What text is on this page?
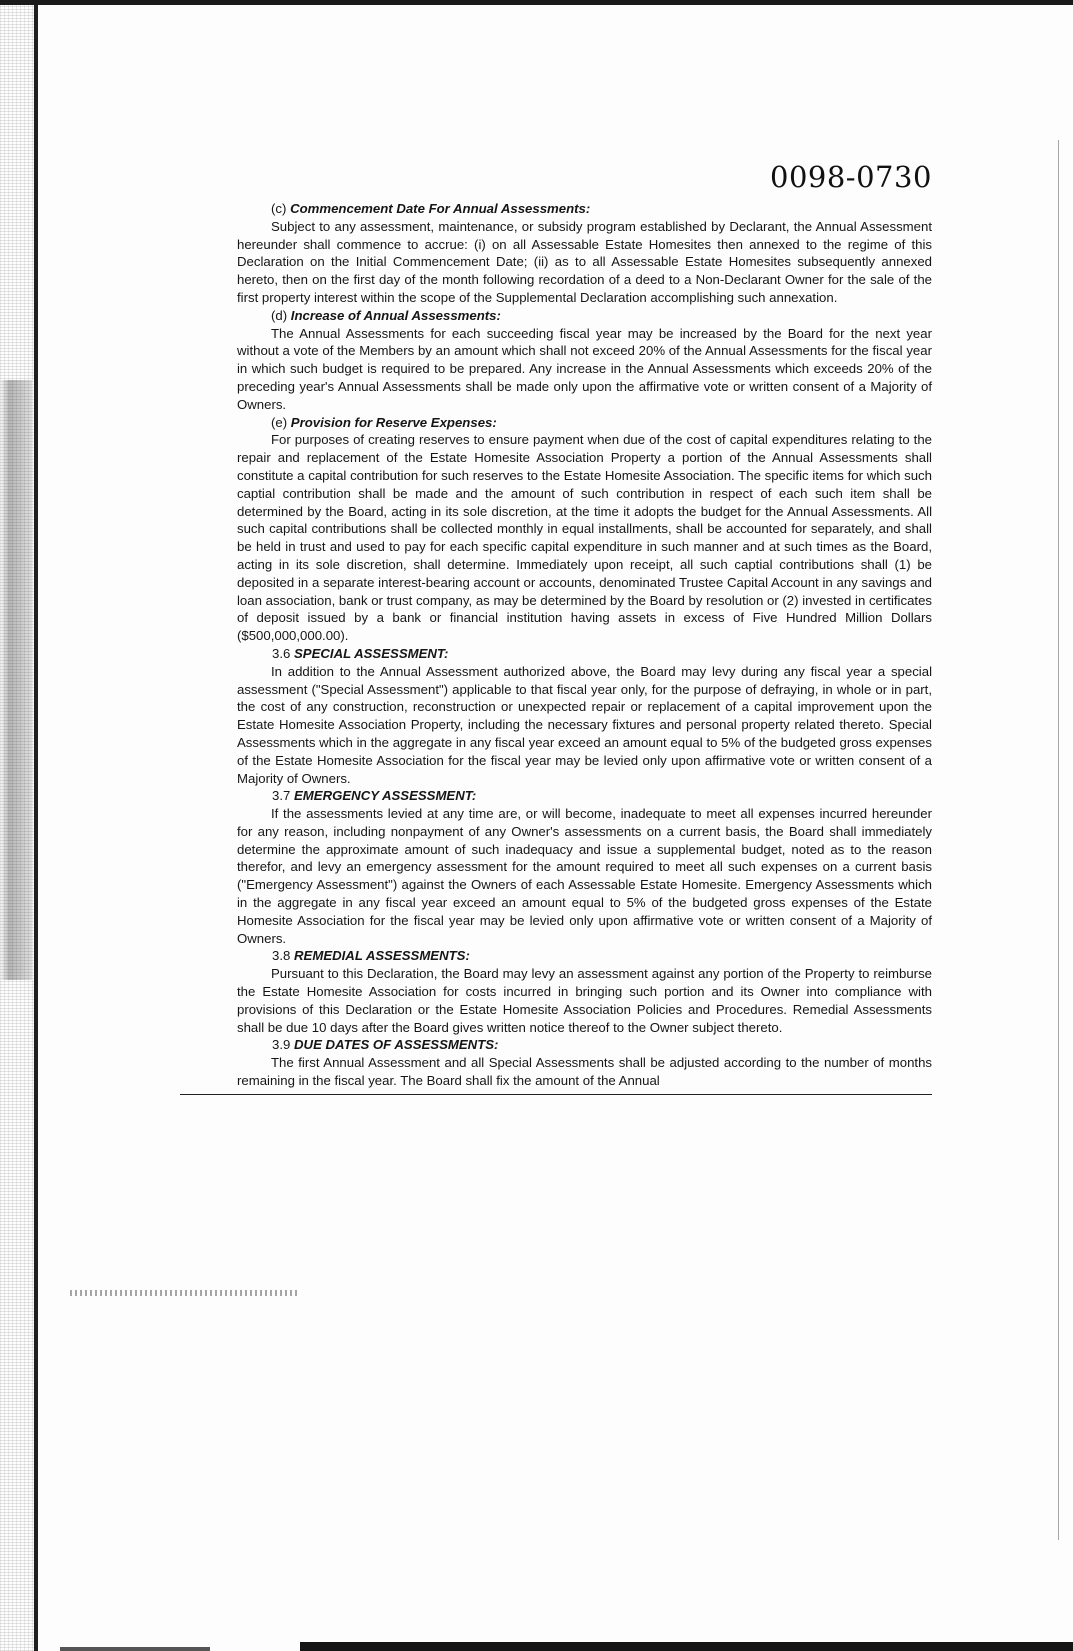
0098-0730

(c) Commencement Date For Annual Assessments:

Subject to any assessment, maintenance, or subsidy program established by Declarant, the Annual Assessment hereunder shall commence to accrue: (i) on all Assessable Estate Homesites then annexed to the regime of this Declaration on the Initial Commencement Date; (ii) as to all Assessable Estate Homesites subsequently annexed hereto, then on the first day of the month following recordation of a deed to a Non-Declarant Owner for the sale of the first property interest within the scope of the Supplemental Declaration accomplishing such annexation.

(d) Increase of Annual Assessments:

The Annual Assessments for each succeeding fiscal year may be increased by the Board for the next year without a vote of the Members by an amount which shall not exceed 20% of the Annual Assessments for the fiscal year in which such budget is required to be prepared. Any increase in the Annual Assessments which exceeds 20% of the preceding year's Annual Assessments shall be made only upon the affirmative vote or written consent of a Majority of Owners.

(e) Provision for Reserve Expenses:

For purposes of creating reserves to ensure payment when due of the cost of capital expenditures relating to the repair and replacement of the Estate Homesite Association Property a portion of the Annual Assessments shall constitute a capital contribution for such reserves to the Estate Homesite Association. The specific items for which such captial contribution shall be made and the amount of such contribution in respect of each such item shall be determined by the Board, acting in its sole discretion, at the time it adopts the budget for the Annual Assessments. All such capital contributions shall be collected monthly in equal installments, shall be accounted for separately, and shall be held in trust and used to pay for each specific capital expenditure in such manner and at such times as the Board, acting in its sole discretion, shall determine. Immediately upon receipt, all such captial contributions shall (1) be deposited in a separate interest-bearing account or accounts, denominated Trustee Capital Account in any savings and loan association, bank or trust company, as may be determined by the Board by resolution or (2) invested in certificates of deposit issued by a bank or financial institution having assets in excess of Five Hundred Million Dollars ($500,000,000.00).

3.6 SPECIAL ASSESSMENT:

In addition to the Annual Assessment authorized above, the Board may levy during any fiscal year a special assessment ("Special Assessment") applicable to that fiscal year only, for the purpose of defraying, in whole or in part, the cost of any construction, reconstruction or unexpected repair or replacement of a capital improvement upon the Estate Homesite Association Property, including the necessary fixtures and personal property related thereto. Special Assessments which in the aggregate in any fiscal year exceed an amount equal to 5% of the budgeted gross expenses of the Estate Homesite Association for the fiscal year may be levied only upon affirmative vote or written consent of a Majority of Owners.

3.7 EMERGENCY ASSESSMENT:

If the assessments levied at any time are, or will become, inadequate to meet all expenses incurred hereunder for any reason, including nonpayment of any Owner's assessments on a current basis, the Board shall immediately determine the approximate amount of such inadequacy and issue a supplemental budget, noted as to the reason therefor, and levy an emergency assessment for the amount required to meet all such expenses on a current basis ("Emergency Assessment") against the Owners of each Assessable Estate Homesite. Emergency Assessments which in the aggregate in any fiscal year exceed an amount equal to 5% of the budgeted gross expenses of the Estate Homesite Association for the fiscal year may be levied only upon affirmative vote or written consent of a Majority of Owners.

3.8 REMEDIAL ASSESSMENTS:

Pursuant to this Declaration, the Board may levy an assessment against any portion of the Property to reimburse the Estate Homesite Association for costs incurred in bringing such portion and its Owner into compliance with provisions of this Declaration or the Estate Homesite Association Policies and Procedures. Remedial Assessments shall be due 10 days after the Board gives written notice thereof to the Owner subject thereto.

3.9 DUE DATES OF ASSESSMENTS:

The first Annual Assessment and all Special Assessments shall be adjusted according to the number of months remaining in the fiscal year. The Board shall fix the amount of the Annual
